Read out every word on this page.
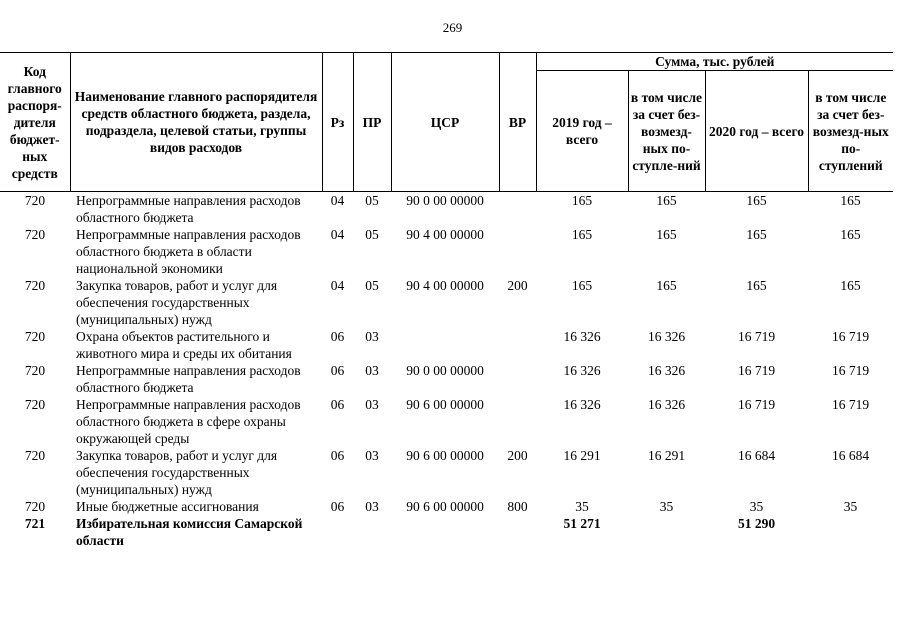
269
Код главного распоря-дителя бюджет-ных средств	Наименование главного распорядителя средств областного бюджета, раздела, подраздела, целевой статьи, группы видов расходов	Рз	ПР	ЦСР	ВР	Сумма, тыс. рублей			
						2019 год – всего	в том числе за счет без-возмезд-ных по-ступле-ний	2020 год – всего	в том числе за счет без-возмезд-ных по-ступлений
720	Непрограммные направления расходов областного бюджета	04	05	90 0 00 00000		165	165	165	165
720	Непрограммные направления расходов областного бюджета в области национальной экономики	04	05	90 4 00 00000		165	165	165	165
720	Закупка товаров, работ и услуг для обеспечения государственных (муниципальных) нужд	04	05	90 4 00 00000	200	165	165	165	165
720	Охрана объектов растительного и животного мира и среды их обитания	06	03			16 326	16 326	16 719	16 719
720	Непрограммные направления расходов областного бюджета	06	03	90 0 00 00000		16 326	16 326	16 719	16 719
720	Непрограммные направления расходов областного бюджета в сфере охраны окружающей среды	06	03	90 6 00 00000		16 326	16 326	16 719	16 719
720	Закупка товаров, работ и услуг для обеспечения государственных (муниципальных) нужд	06	03	90 6 00 00000	200	16 291	16 291	16 684	16 684
720	Иные бюджетные ассигнования	06	03	90 6 00 00000	800	35	35	35	35
721	Избирательная комиссия Самарской области					51 271		51 290	
